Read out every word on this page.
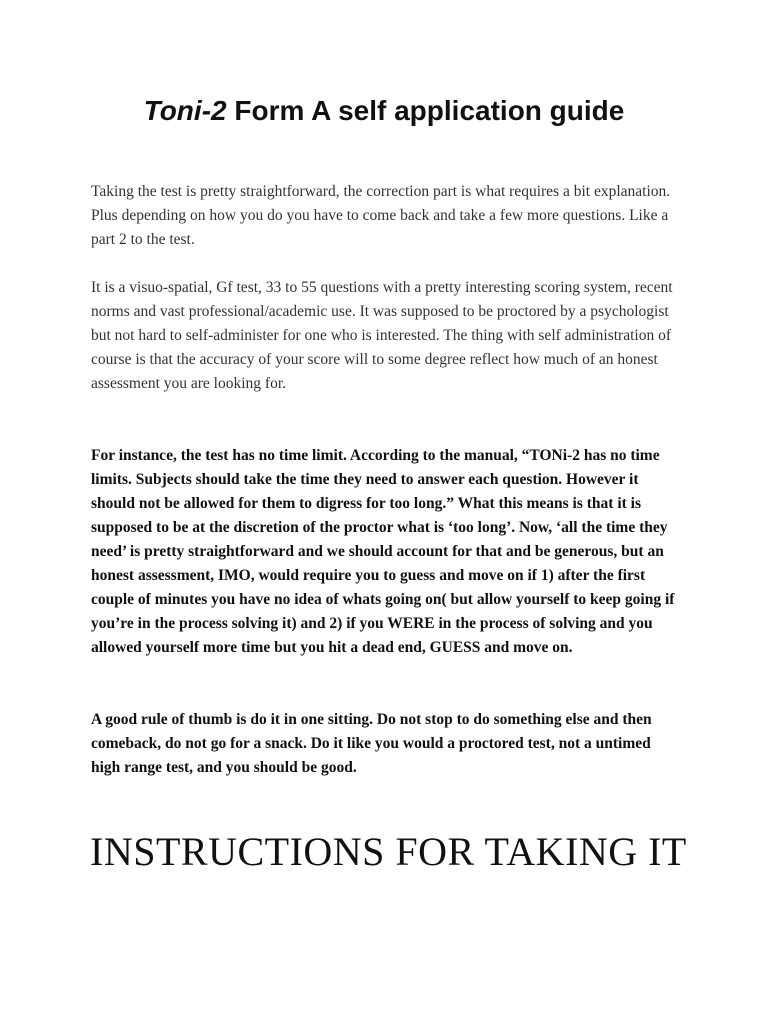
Toni-2 Form A self application guide

Taking the test is pretty straightforward, the correction part is what requires a bit explanation. Plus depending on how you do you have to come back and take a few more questions. Like a part 2 to the test.

It is a visuo-spatial, Gf test, 33 to 55 questions with a pretty interesting scoring system, recent norms and vast professional/academic use. It was supposed to be proctored by a psychologist but not hard to self-administer for one who is interested. The thing with self administration of course is that the accuracy of your score will to some degree reflect how much of an honest assessment you are looking for.

For instance, the test has no time limit. According to the manual, “TONi-2 has no time limits. Subjects should take the time they need to answer each question. However it should not be allowed for them to digress for too long.” What this means is that it is supposed to be at the discretion of the proctor what is ‘too long’. Now, ‘all the time they need’ is pretty straightforward and we should account for that and be generous, but an honest assessment, IMO, would require you to guess and move on if 1) after the first couple of minutes you have no idea of whats going on( but allow yourself to keep going if you’re in the process solving it) and 2) if you WERE in the process of solving and you allowed yourself more time but you hit a dead end, GUESS and move on.

A good rule of thumb is do it in one sitting. Do not stop to do something else and then comeback, do not go for a snack. Do it like you would a proctored test, not a untimed high range test, and you should be good.

INSTRUCTIONS FOR TAKING IT
